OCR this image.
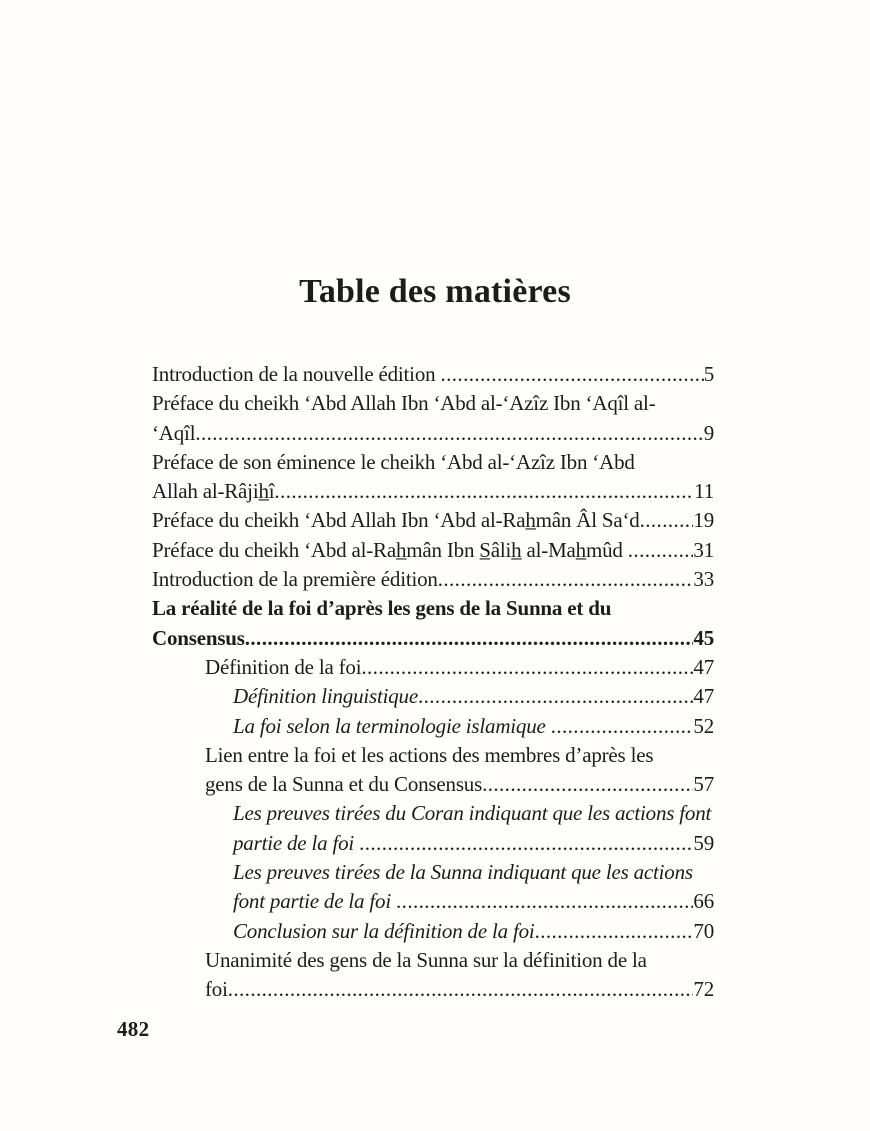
Table des matières
Introduction de la nouvelle édition .....	5
Préface du cheikh ‘Abd Allah Ibn ‘Abd al-‘Azîz Ibn ‘Aqîl al-
‘Aqîl .....	9
Préface de son éminence le cheikh ‘Abd al-‘Azîz Ibn ‘Abd
Allah al-Râjih̲î .....	11
Préface du cheikh ‘Abd Allah Ibn ‘Abd al-Rah̲mân Âl Sa‘d .....	19
Préface du cheikh ‘Abd al-Rah̲mân Ibn S̲âlih̲ al-Mah̲mûd .....	31
Introduction de la première édition .....	33
La réalité de la foi d’après les gens de la Sunna et du
Consensus .....	45
Définition de la foi .....	47
Définition linguistique .....	47
La foi selon la terminologie islamique .....	52
Lien entre la foi et les actions des membres d’après les
gens de la Sunna et du Consensus .....	57
Les preuves tirées du Coran indiquant que les actions font
partie de la foi .....	59
Les preuves tirées de la Sunna indiquant que les actions
font partie de la foi .....	66
Conclusion sur la définition de la foi .....	70
Unanimité des gens de la Sunna sur la définition de la
foi .....	72
482
